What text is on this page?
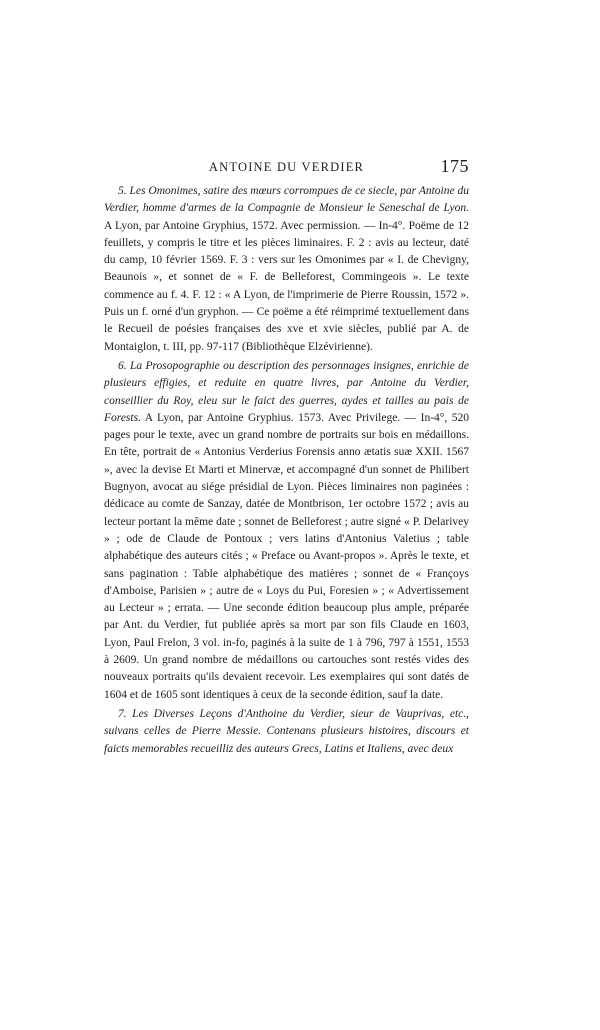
ANTOINE DU VERDIER	175

5. Les Omonimes, satire des mœurs corrompues de ce siecle, par Antoine du Verdier, homme d'armes de la Compagnie de Monsieur le Seneschal de Lyon. A Lyon, par Antoine Gryphius, 1572. Avec permission. — In-4°. Poëme de 12 feuillets, y compris le titre et les pièces liminaires. F. 2 : avis au lecteur, daté du camp, 10 février 1569. F. 3 : vers sur les Omonimes par « I. de Chevigny, Beaunois », et sonnet de « F. de Belleforest, Commingeois ». Le texte commence au f. 4. F. 12 : « A Lyon, de l'imprimerie de Pierre Roussin, 1572 ». Puis un f. orné d'un gryphon. — Ce poëme a été réimprimé textuellement dans le Recueil de poésies françaises des xve et xvie siècles, publié par A. de Montaiglon, t. III, pp. 97-117 (Bibliothèque Elzévirienne).

6. La Prosopographie ou description des personnages insignes, enrichie de plusieurs effigies, et reduite en quatre livres, par Antoine du Verdier, conseillier du Roy, eleu sur le faict des guerres, aydes et tailles au pais de Forests. A Lyon, par Antoine Gryphius. 1573. Avec Privilege. — In-4°, 520 pages pour le texte, avec un grand nombre de portraits sur bois en médaillons. En tête, portrait de « Antonius Verderius Forensis anno ætatis suæ XXII. 1567 », avec la devise Et Marti et Minervæ, et accompagné d'un sonnet de Philibert Bugnyon, avocat au siége présidial de Lyon. Pièces liminaires non paginées : dédicace au comte de Sanzay, datée de Montbrison, 1er octobre 1572 ; avis au lecteur portant la même date ; sonnet de Belleforest ; autre signé « P. Delarivey » ; ode de Claude de Pontoux ; vers latins d'Antonius Valetius ; table alphabétique des auteurs cités ; « Preface ou Avant-propos ». Après le texte, et sans pagination : Table alphabétique des matières ; sonnet de « Françoys d'Amboise, Parisien » ; autre de « Loys du Pui, Foresien » ; « Advertissement au Lecteur » ; errata. — Une seconde édition beaucoup plus ample, préparée par Ant. du Verdier, fut publiée après sa mort par son fils Claude en 1603, Lyon, Paul Frelon, 3 vol. in-fo, paginés à la suite de 1 à 796, 797 à 1551, 1553 à 2609. Un grand nombre de médaillons ou cartouches sont restés vides des nouveaux portraits qu'ils devaient recevoir. Les exemplaires qui sont datés de 1604 et de 1605 sont identiques à ceux de la seconde édition, sauf la date.

7. Les Diverses Leçons d'Anthoine du Verdier, sieur de Vauprivas, etc., suivans celles de Pierre Messie. Contenans plusieurs histoires, discours et faicts memorables recueilliz des auteurs Grecs, Latins et Italiens, avec deux
